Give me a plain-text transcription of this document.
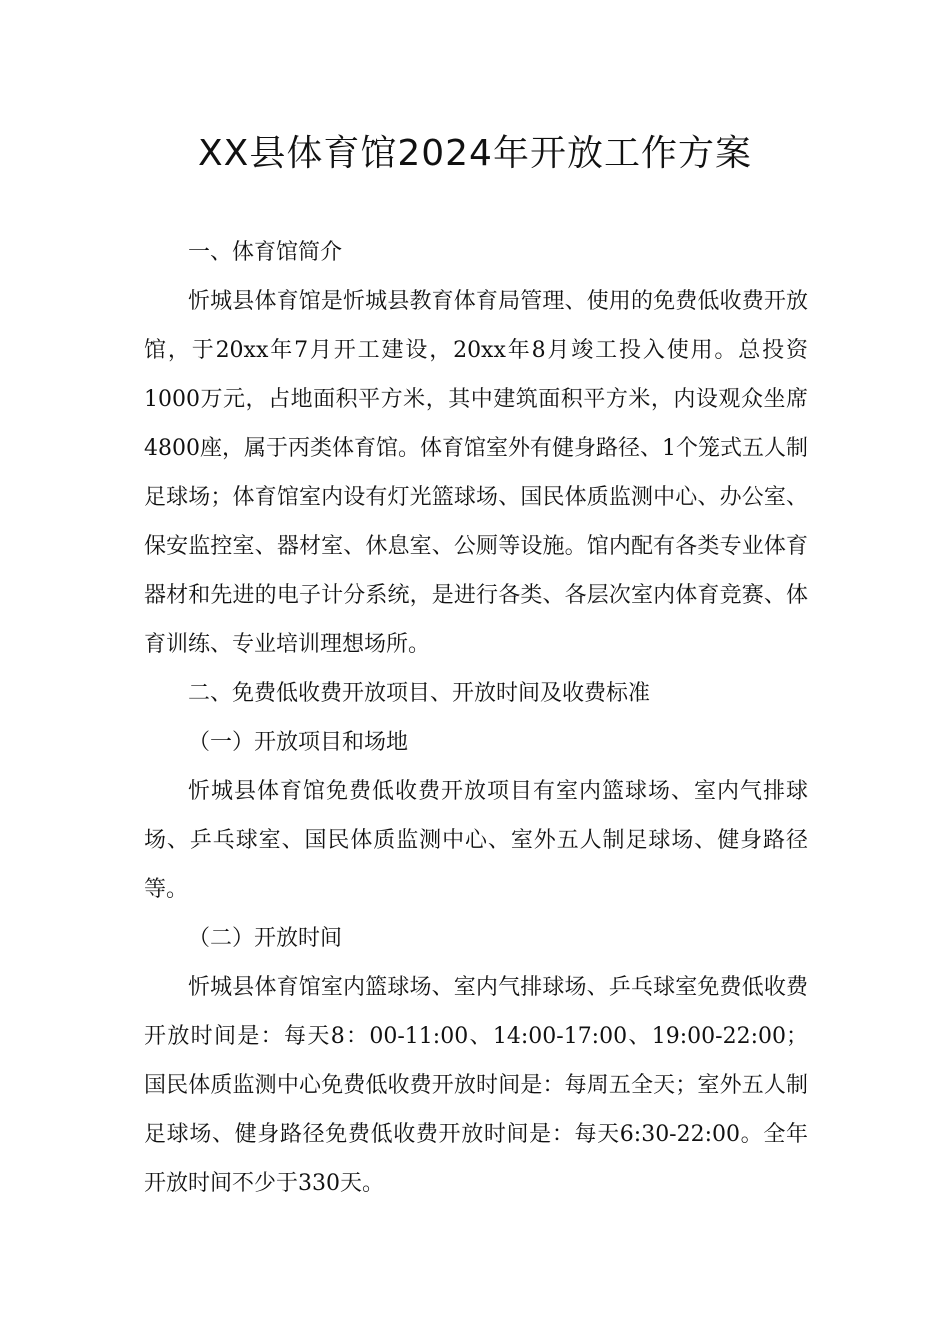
XX县体育馆2024年开放工作方案

一、体育馆简介

忻城县体育馆是忻城县教育体育局管理、使用的免费低收费开放馆，于20xx年7月开工建设，20xx年8月竣工投入使用。总投资1000万元，占地面积平方米，其中建筑面积平方米，内设观众坐席4800座，属于丙类体育馆。体育馆室外有健身路径、1个笼式五人制足球场；体育馆室内设有灯光篮球场、国民体质监测中心、办公室、保安监控室、器材室、休息室、公厕等设施。馆内配有各类专业体育器材和先进的电子计分系统，是进行各类、各层次室内体育竞赛、体育训练、专业培训理想场所。

二、免费低收费开放项目、开放时间及收费标准

（一）开放项目和场地

忻城县体育馆免费低收费开放项目有室内篮球场、室内气排球场、乒乓球室、国民体质监测中心、室外五人制足球场、健身路径等。

（二）开放时间

忻城县体育馆室内篮球场、室内气排球场、乒乓球室免费低收费开放时间是：每天8：00-11:00、14:00-17:00、19:00-22:00；国民体质监测中心免费低收费开放时间是：每周五全天；室外五人制足球场、健身路径免费低收费开放时间是：每天6:30-22:00。全年开放时间不少于330天。
